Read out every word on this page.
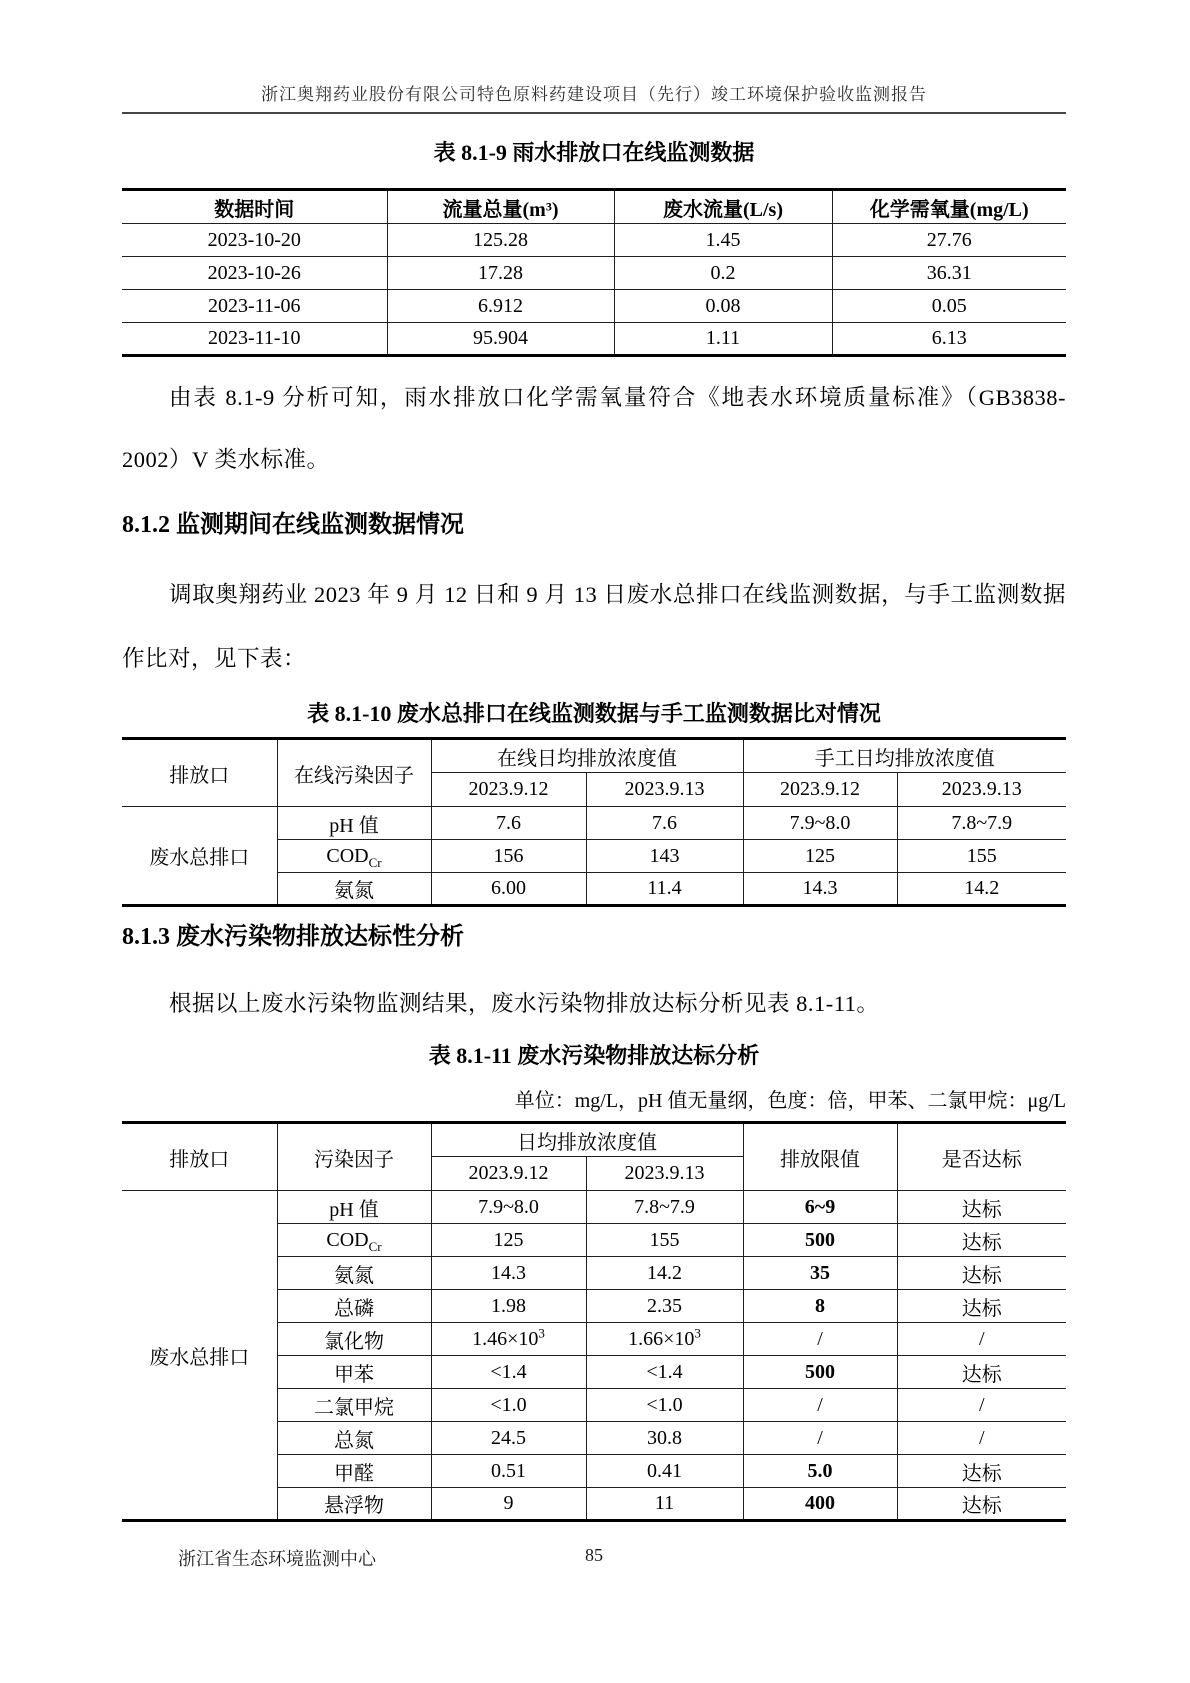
浙江奥翔药业股份有限公司特色原料药建设项目（先行）竣工环境保护验收监测报告

表 8.1-9 雨水排放口在线监测数据

数据时间	流量总量(m³)	废水流量(L/s)	化学需氧量(mg/L)
2023-10-20	125.28	1.45	27.76
2023-10-26	17.28	0.2	36.31
2023-11-06	6.912	0.08	0.05
2023-11-10	95.904	1.11	6.13

由表 8.1-9 分析可知，雨水排放口化学需氧量符合《地表水环境质量标准》（GB3838-2002）V 类水标准。

8.1.2 监测期间在线监测数据情况

调取奥翔药业 2023 年 9 月 12 日和 9 月 13 日废水总排口在线监测数据，与手工监测数据作比对，见下表：

表 8.1-10 废水总排口在线监测数据与手工监测数据比对情况

排放口	在线污染因子	在线日均排放浓度值		手工日均排放浓度值	
		2023.9.12	2023.9.13	2023.9.12	2023.9.13
废水总排口	pH 值	7.6	7.6	7.9~8.0	7.8~7.9
	$COD_{Cr}$	156	143	125	155
	氨氮	6.00	11.4	14.3	14.2
8.1.3 废水污染物排放达标性分析

根据以上废水污染物监测结果，废水污染物排放达标分析见表 8.1-11。

表 8.1-11 废水污染物排放达标分析

单位：mg/L，pH 值无量纲，色度：倍，甲苯、二氯甲烷：μg/L

排放口	污染因子	日均排放浓度值		排放限值	是否达标
		2023.9.12	2023.9.13		
废水总排口	pH 值	7.9~8.0	7.8~7.9	6~9	达标
	$COD_{Cr}$	125	155	500	达标
	氨氮	14.3	14.2	35	达标
	总磷	1.98	2.35	8	达标
	氯化物	$1.46\times 10^3$	$1.66\times 10^3$	/	/
	甲苯	<1.4	<1.4	500	达标
	二氯甲烷	<1.0	<1.0	/	/
	总氮	24.5	30.8	/	/
	甲醛	0.51	0.41	5.0	达标
	悬浮物	9	11	400	达标
85
浙江省生态环境监测中心
